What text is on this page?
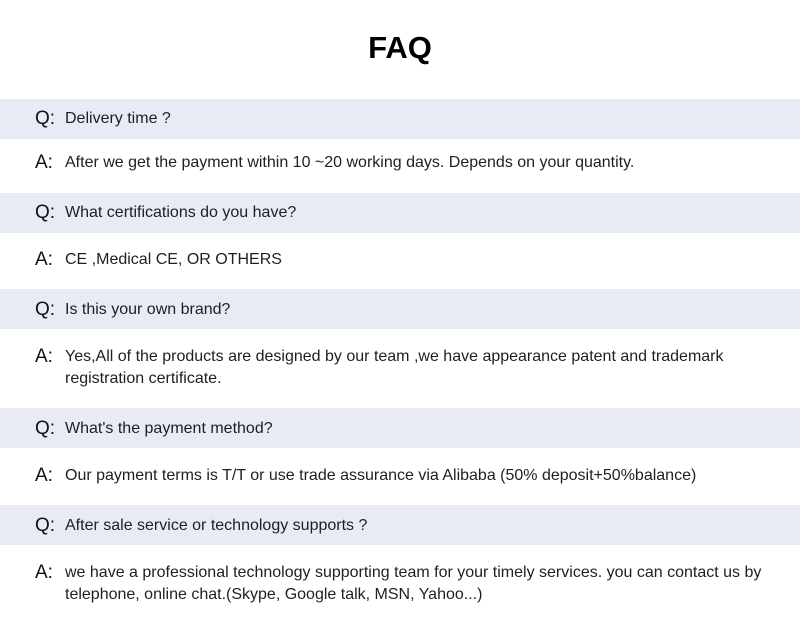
FAQ
Q: Delivery time ?
A: After we get the payment within 10 ~20 working days. Depends on your quantity.
Q: What certifications do you have?
A: CE ,Medical CE, OR OTHERS
Q: Is this your own brand?
A: Yes,All of the products are designed by our team ,we have appearance patent and trademark registration certificate.
Q: What's the payment method?
A: Our payment terms is T/T or use trade assurance via Alibaba (50% deposit+50%balance)
Q: After sale service or technology supports ?
A: we have a professional technology supporting team for your timely services. you can contact us by telephone, online chat.(Skype, Google talk, MSN, Yahoo...)
